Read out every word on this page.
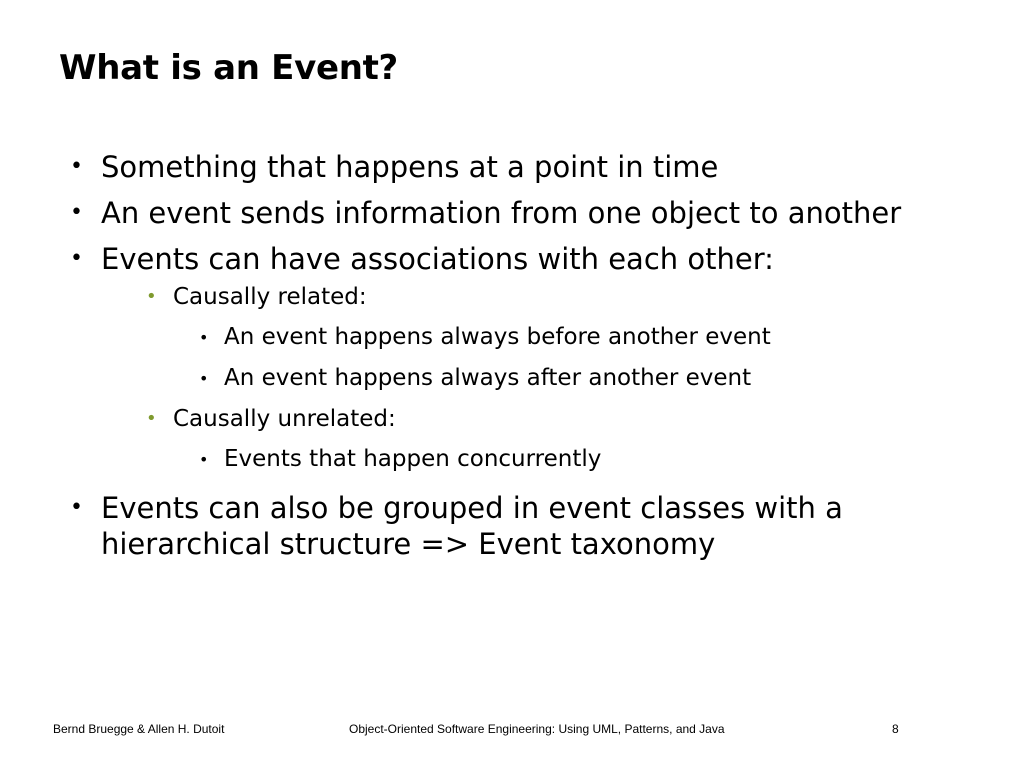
What is an Event?
• Something that happens at a point in time
• An event sends information from one object to another
• Events can have associations with each other:
• Causally related:
• An event happens always before another event
• An event happens always after another event
• Causally unrelated:
• Events that happen concurrently
• Events can also be grouped in event classes with a hierarchical structure => Event taxonomy
Bernd Bruegge & Allen H. Dutoit	Object-Oriented Software Engineering: Using UML, Patterns, and Java	8
